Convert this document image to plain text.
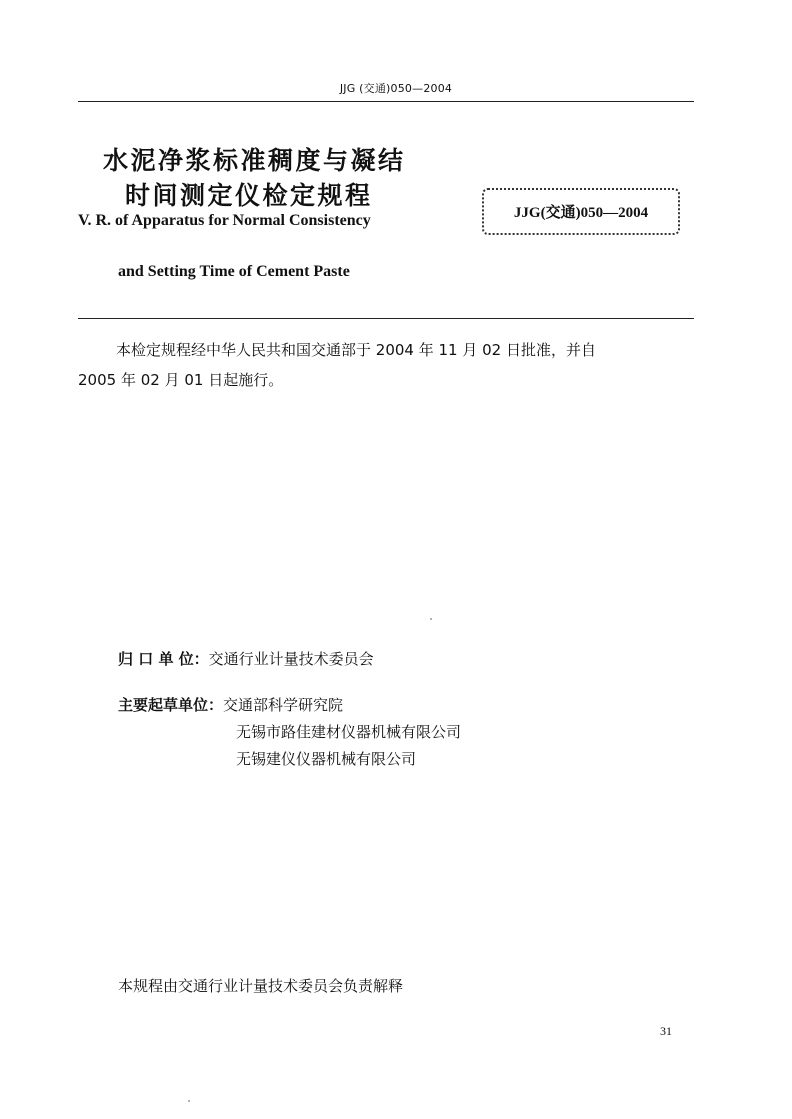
JJG (交通)050—2004
水泥净浆标准稠度与凝结
时间测定仪检定规程
V. R. of Apparatus for Normal Consistency
and Setting Time of Cement Paste
JJG(交通)050—2004
本检定规程经中华人民共和国交通部于 2004 年 11 月 02 日批准，并自
2005 年 02 月 01 日起施行。
归 口 单 位：交通行业计量技术委员会
主要起草单位：交通部科学研究院
无锡市路佳建材仪器机械有限公司
无锡建仪仪器机械有限公司
本规程由交通行业计量技术委员会负责解释
31
